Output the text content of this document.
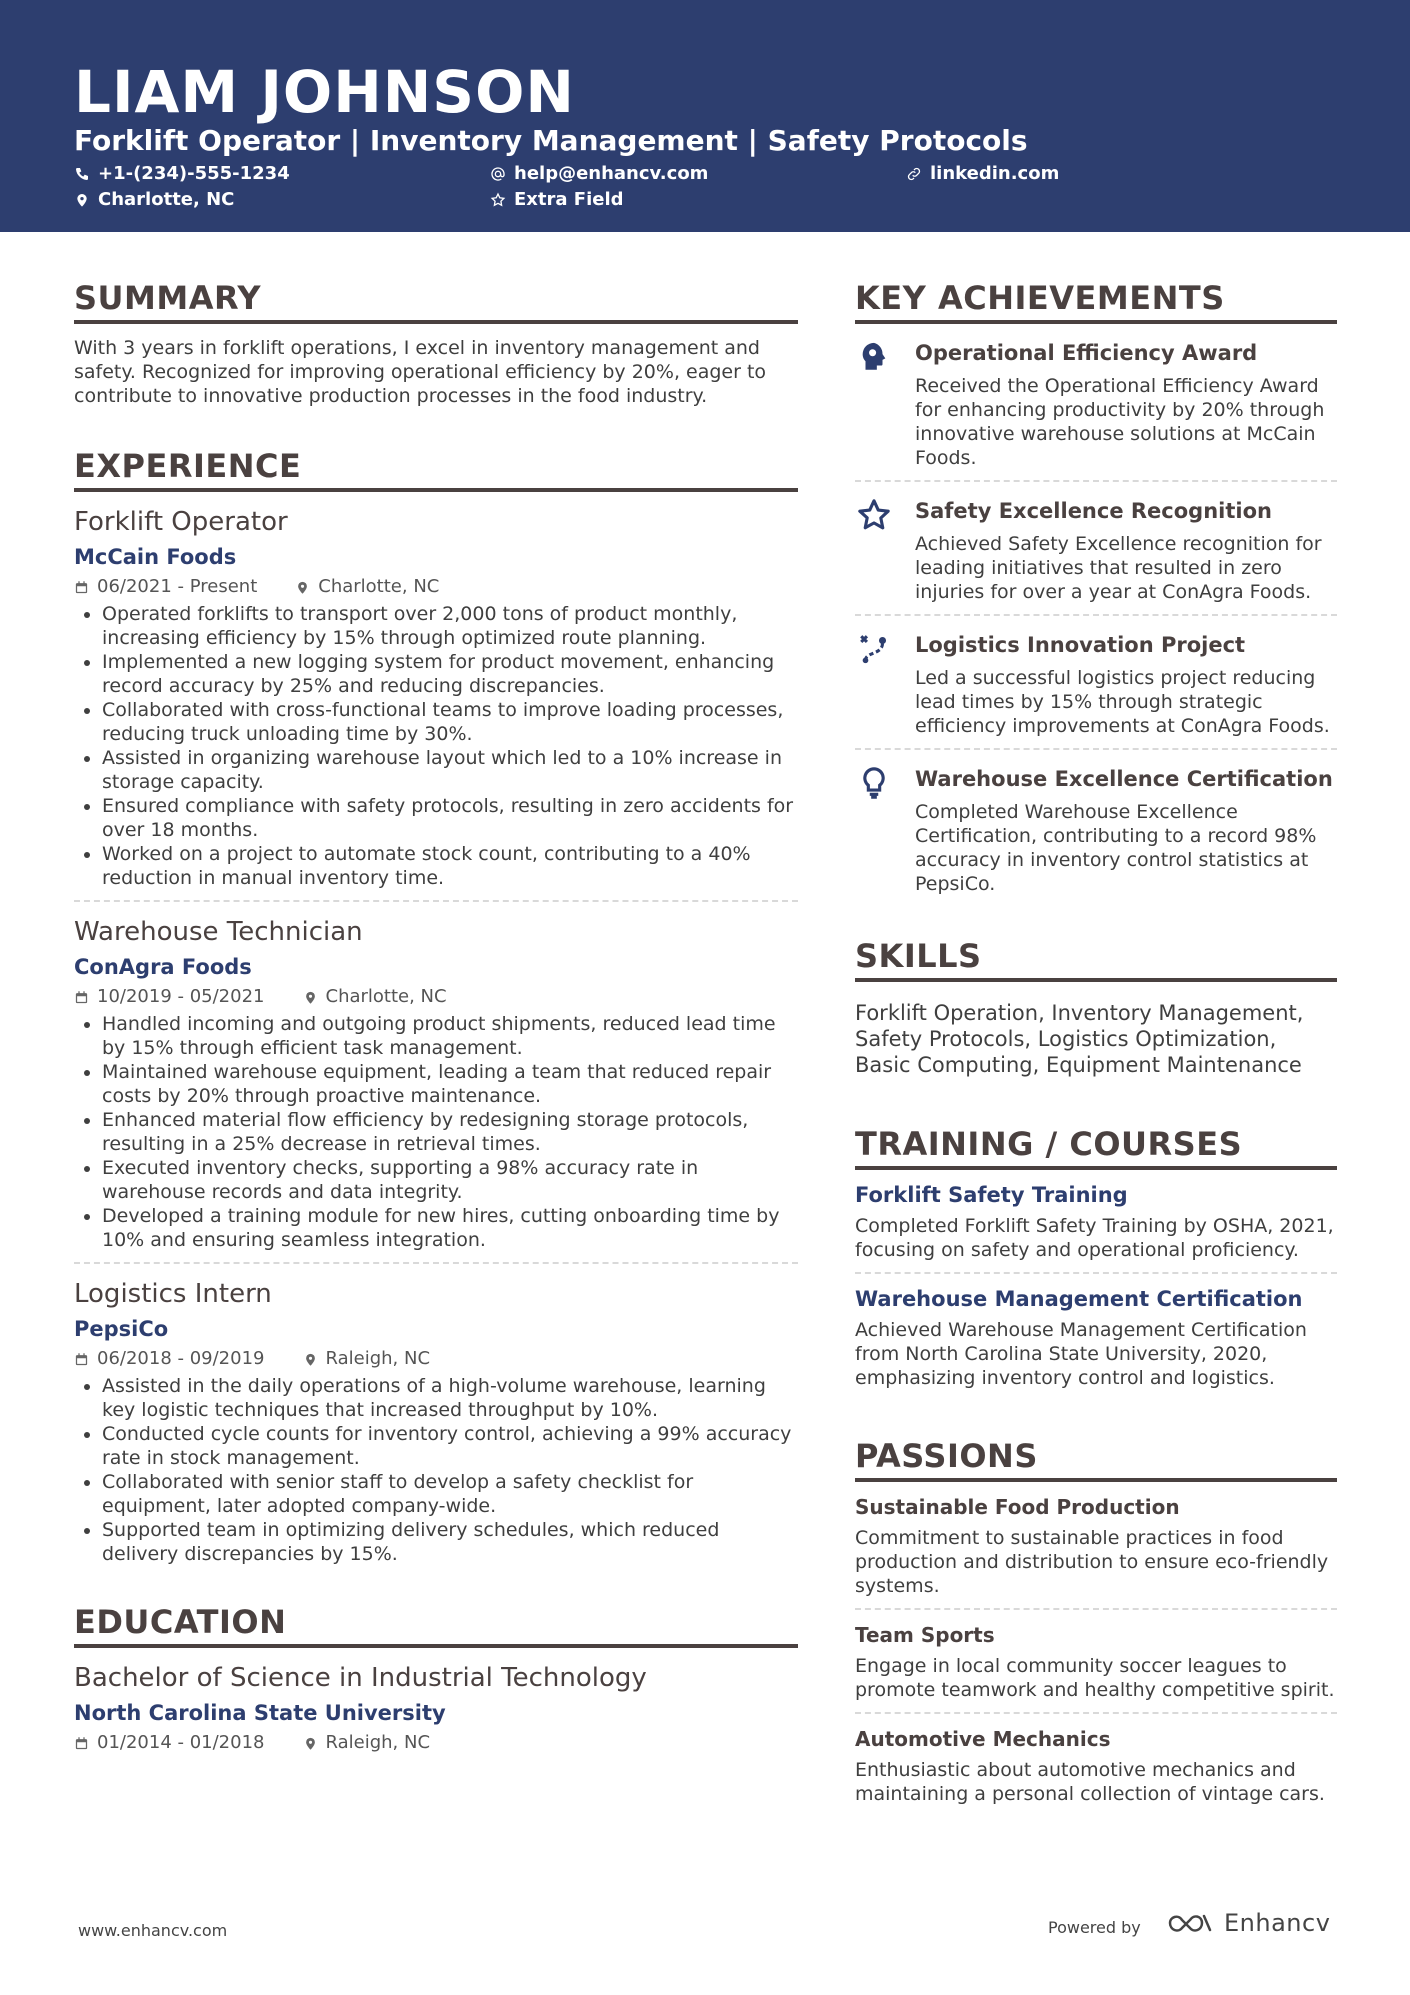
LIAM JOHNSON
Forklift Operator | Inventory Management | Safety Protocols
+1-(234)-555-1234	help@enhancv.com	linkedin.com
Charlotte, NC	Extra Field
SUMMARY
With 3 years in forklift operations, I excel in inventory management and safety. Recognized for improving operational efficiency by 20%, eager to contribute to innovative production processes in the food industry.
EXPERIENCE
Forklift Operator
McCain Foods
06/2021 - Present	Charlotte, NC
• Operated forklifts to transport over 2,000 tons of product monthly, increasing efficiency by 15% through optimized route planning.
• Implemented a new logging system for product movement, enhancing record accuracy by 25% and reducing discrepancies.
• Collaborated with cross-functional teams to improve loading processes, reducing truck unloading time by 30%.
• Assisted in organizing warehouse layout which led to a 10% increase in storage capacity.
• Ensured compliance with safety protocols, resulting in zero accidents for over 18 months.
• Worked on a project to automate stock count, contributing to a 40% reduction in manual inventory time.
Warehouse Technician
ConAgra Foods
10/2019 - 05/2021	Charlotte, NC
• Handled incoming and outgoing product shipments, reduced lead time by 15% through efficient task management.
• Maintained warehouse equipment, leading a team that reduced repair costs by 20% through proactive maintenance.
• Enhanced material flow efficiency by redesigning storage protocols, resulting in a 25% decrease in retrieval times.
• Executed inventory checks, supporting a 98% accuracy rate in warehouse records and data integrity.
• Developed a training module for new hires, cutting onboarding time by 10% and ensuring seamless integration.
Logistics Intern
PepsiCo
06/2018 - 09/2019	Raleigh, NC
• Assisted in the daily operations of a high-volume warehouse, learning key logistic techniques that increased throughput by 10%.
• Conducted cycle counts for inventory control, achieving a 99% accuracy rate in stock management.
• Collaborated with senior staff to develop a safety checklist for equipment, later adopted company-wide.
• Supported team in optimizing delivery schedules, which reduced delivery discrepancies by 15%.
EDUCATION
Bachelor of Science in Industrial Technology
North Carolina State University
01/2014 - 01/2018	Raleigh, NC
KEY ACHIEVEMENTS
Operational Efficiency Award
Received the Operational Efficiency Award for enhancing productivity by 20% through innovative warehouse solutions at McCain Foods.
Safety Excellence Recognition
Achieved Safety Excellence recognition for leading initiatives that resulted in zero injuries for over a year at ConAgra Foods.
Logistics Innovation Project
Led a successful logistics project reducing lead times by 15% through strategic efficiency improvements at ConAgra Foods.
Warehouse Excellence Certification
Completed Warehouse Excellence Certification, contributing to a record 98% accuracy in inventory control statistics at PepsiCo.
SKILLS
Forklift Operation, Inventory Management, Safety Protocols, Logistics Optimization, Basic Computing, Equipment Maintenance
TRAINING / COURSES
Forklift Safety Training
Completed Forklift Safety Training by OSHA, 2021, focusing on safety and operational proficiency.
Warehouse Management Certification
Achieved Warehouse Management Certification from North Carolina State University, 2020, emphasizing inventory control and logistics.
PASSIONS
Sustainable Food Production
Commitment to sustainable practices in food production and distribution to ensure eco-friendly systems.
Team Sports
Engage in local community soccer leagues to promote teamwork and healthy competitive spirit.
Automotive Mechanics
Enthusiastic about automotive mechanics and maintaining a personal collection of vintage cars.
www.enhancv.com	Powered by	Enhancv
